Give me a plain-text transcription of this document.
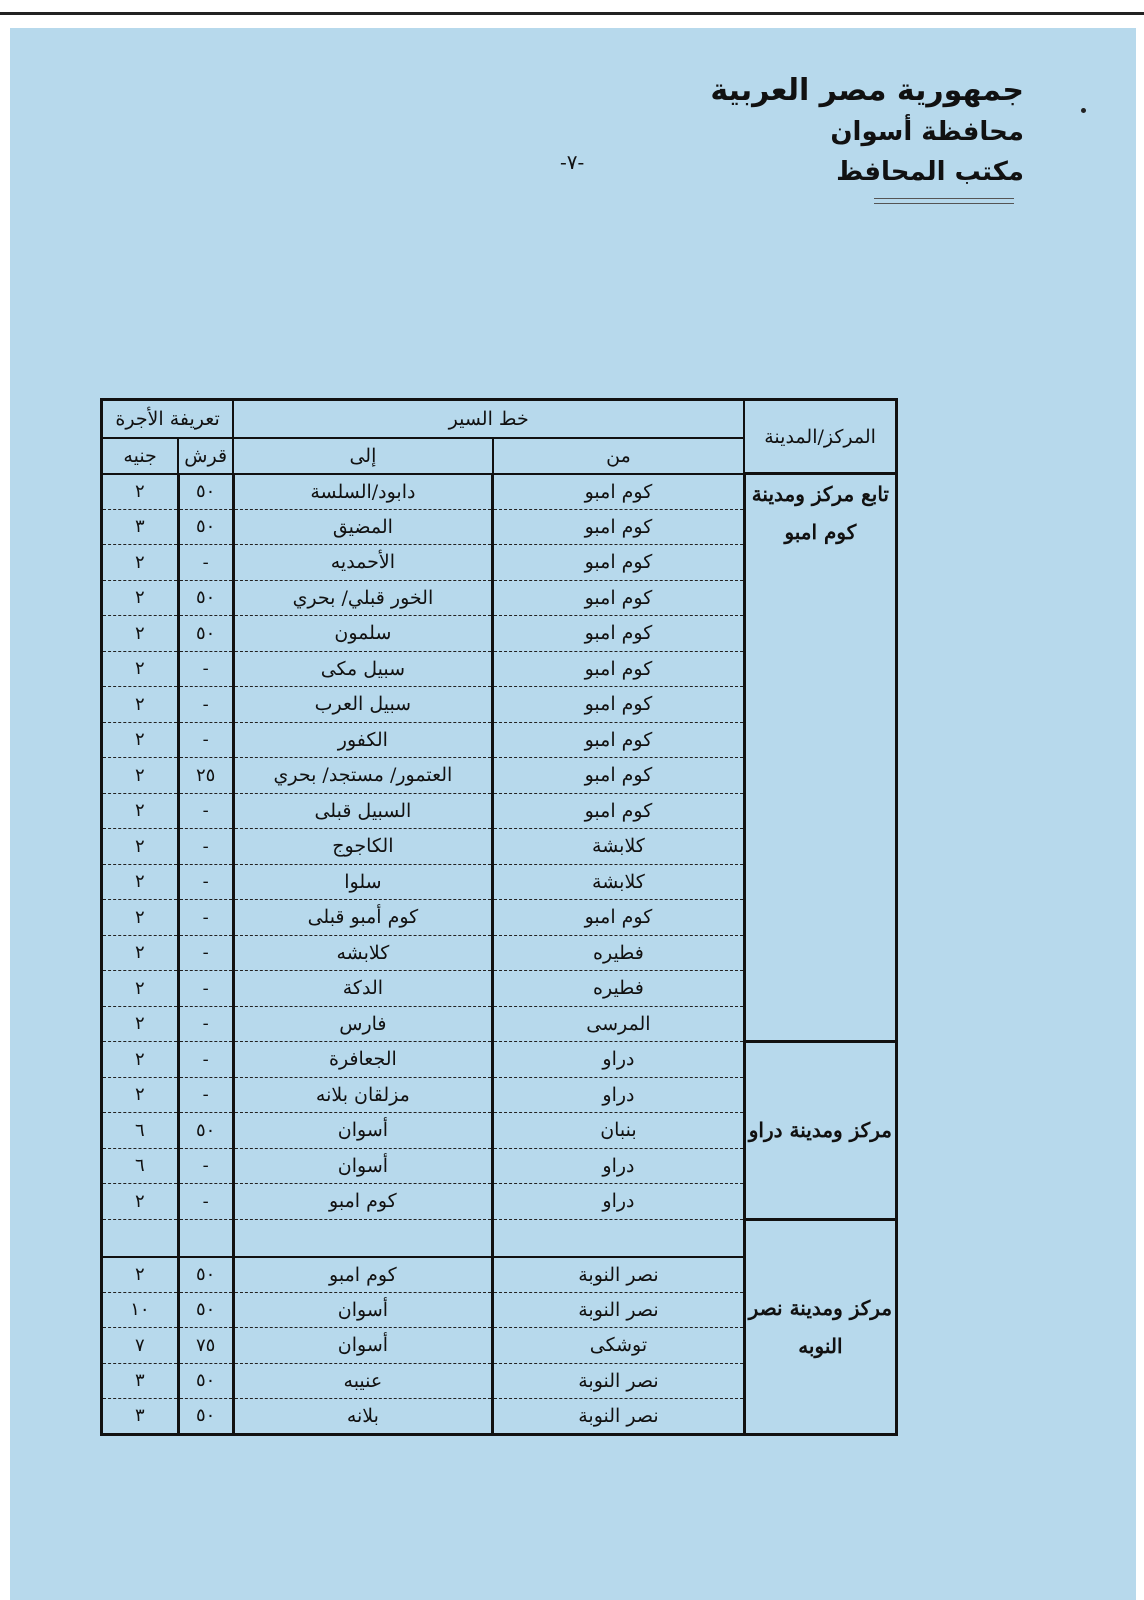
جمهورية مصر العربية
محافظة أسوان
مكتب المحافظ
-٧-
المركز/المدينة	خط السير		تعريفة الأجرة	
	من	إلى	قرش	جنيه
تابع مركز ومدينة كوم امبو	كوم امبو	دابود/السلسة	٥٠	٢
	كوم امبو	المضيق	٥٠	٣
	كوم امبو	الأحمديه	-	٢
	كوم امبو	الخور قبلي/ بحري	٥٠	٢
	كوم امبو	سلمون	٥٠	٢
	كوم امبو	سبيل مكى	-	٢
	كوم امبو	سبيل العرب	-	٢
	كوم امبو	الكفور	-	٢
	كوم امبو	العتمور/ مستجد/ بحري	٢٥	٢
	كوم امبو	السبيل قبلى	-	٢
	كلابشة	الكاجوج	-	٢
	كلابشة	سلوا	-	٢
	كوم امبو	كوم أمبو قبلى	-	٢
	فطيره	كلابشه	-	٢
	فطيره	الدكة	-	٢
	المرسى	فارس	-	٢
مركز ومدينة دراو	دراو	الجعافرة	-	٢
	دراو	مزلقان بلانه	-	٢
	بنبان	أسوان	٥٠	٦
	دراو	أسوان	-	٦
	دراو	كوم امبو	-	٢
مركز ومدينة نصر النوبه				
	نصر النوبة	كوم امبو	٥٠	٢
	نصر النوبة	أسوان	٥٠	١٠
	توشكى	أسوان	٧٥	٧
	نصر النوبة	عنيبه	٥٠	٣
	نصر النوبة	بلانه	٥٠	٣
